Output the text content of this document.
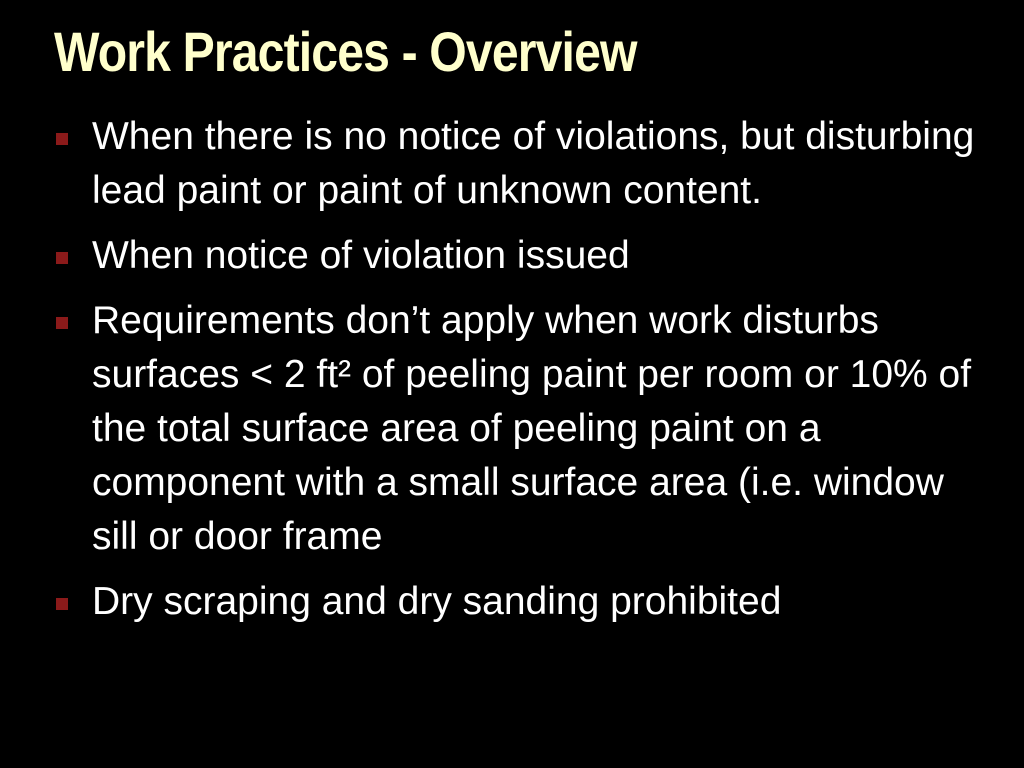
Work Practices - Overview
When there is no notice of violations, but disturbing lead paint or paint of unknown content.
When notice of violation issued
Requirements don’t apply when work disturbs surfaces < 2 ft² of peeling paint per room or 10% of the total surface area of peeling paint on a component with a small surface area (i.e. window sill or door frame
Dry scraping and dry sanding prohibited
